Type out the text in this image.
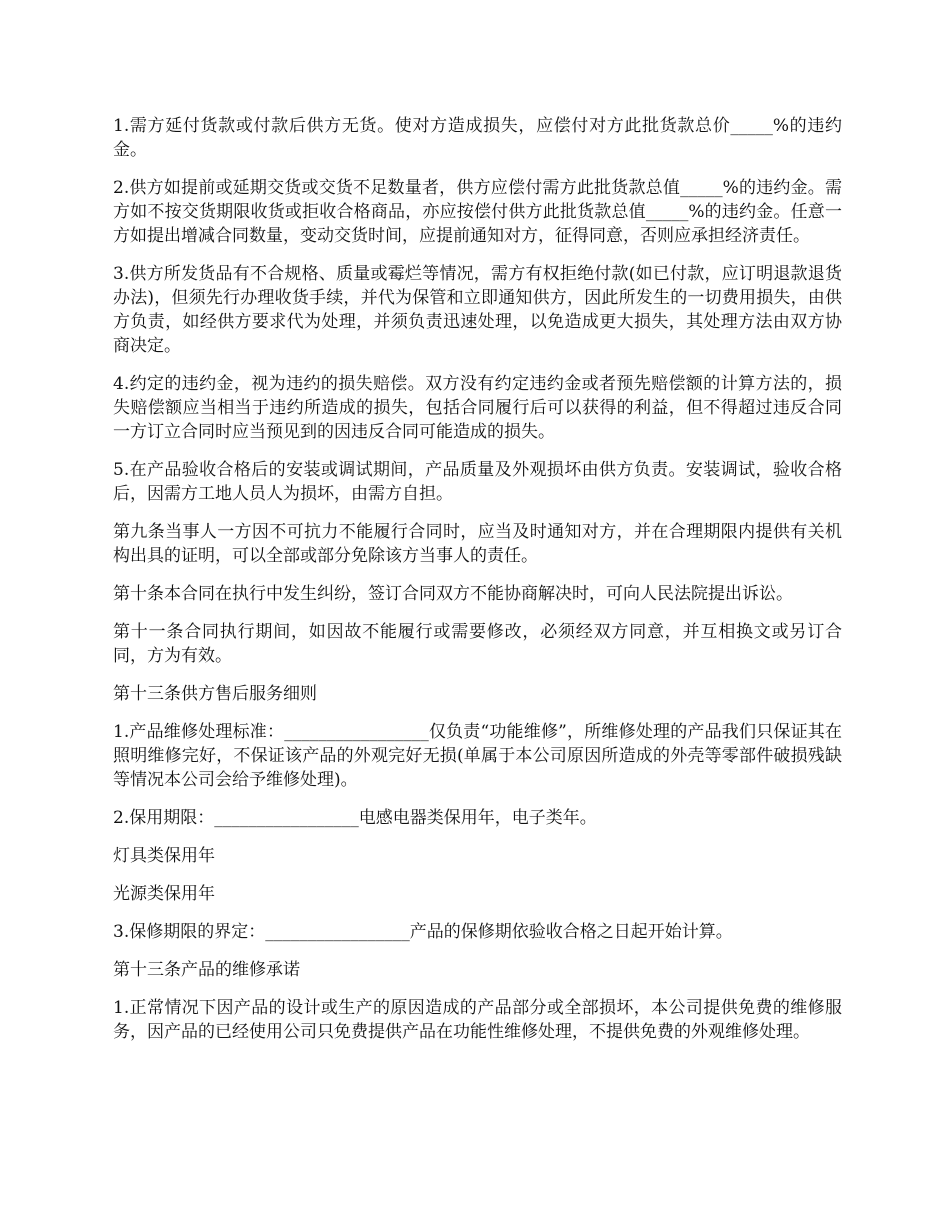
1.需方延付货款或付款后供方无货。使对方造成损失，应偿付对方此批货款总价_____%的违约金。

2.供方如提前或延期交货或交货不足数量者，供方应偿付需方此批货款总值_____%的违约金。需方如不按交货期限收货或拒收合格商品，亦应按偿付供方此批货款总值_____%的违约金。任意一方如提出增减合同数量，变动交货时间，应提前通知对方，征得同意，否则应承担经济责任。

3.供方所发货品有不合规格、质量或霉烂等情况，需方有权拒绝付款(如已付款，应订明退款退货办法)，但须先行办理收货手续，并代为保管和立即通知供方，因此所发生的一切费用损失，由供方负责，如经供方要求代为处理，并须负责迅速处理，以免造成更大损失，其处理方法由双方协商决定。

4.约定的违约金，视为违约的损失赔偿。双方没有约定违约金或者预先赔偿额的计算方法的，损失赔偿额应当相当于违约所造成的损失，包括合同履行后可以获得的利益，但不得超过违反合同一方订立合同时应当预见到的因违反合同可能造成的损失。

5.在产品验收合格后的安装或调试期间，产品质量及外观损坏由供方负责。安装调试，验收合格后，因需方工地人员人为损坏，由需方自担。

第九条当事人一方因不可抗力不能履行合同时，应当及时通知对方，并在合理期限内提供有关机构出具的证明，可以全部或部分免除该方当事人的责任。

第十条本合同在执行中发生纠纷，签订合同双方不能协商解决时，可向人民法院提出诉讼。

第十一条合同执行期间，如因故不能履行或需要修改，必须经双方同意，并互相换文或另订合同，方为有效。

第十三条供方售后服务细则

1.产品维修处理标准：_________________仅负责“功能维修”，所维修处理的产品我们只保证其在照明维修完好，不保证该产品的外观完好无损(单属于本公司原因所造成的外壳等零部件破损残缺等情况本公司会给予维修处理)。

2.保用期限：_________________电感电器类保用年，电子类年。

灯具类保用年

光源类保用年

3.保修期限的界定：_________________产品的保修期依验收合格之日起开始计算。

第十三条产品的维修承诺

1.正常情况下因产品的设计或生产的原因造成的产品部分或全部损坏，本公司提供免费的维修服务，因产品的已经使用公司只免费提供产品在功能性维修处理，不提供免费的外观维修处理。
